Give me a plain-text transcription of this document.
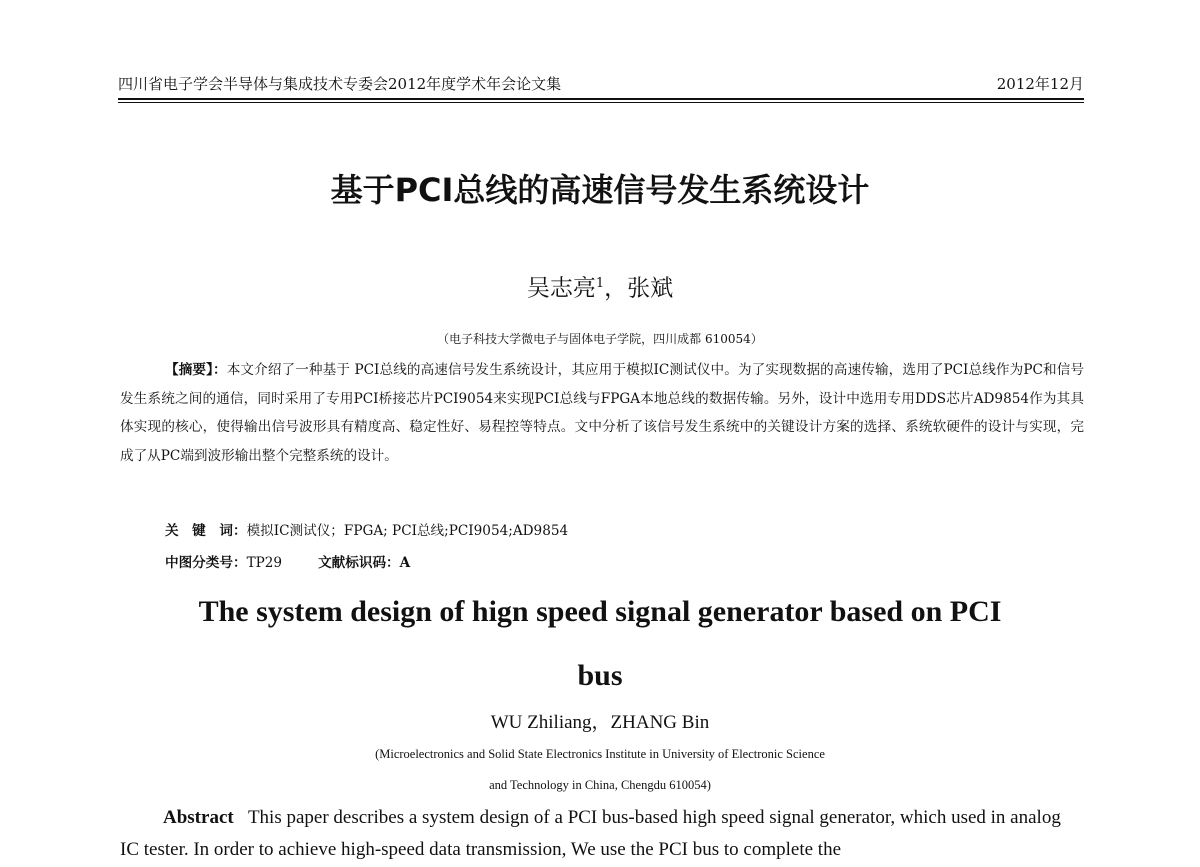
四川省电子学会半导体与集成技术专委会2012年度学术年会论文集	2012年12月
基于PCI总线的高速信号发生系统设计
吴志亮$^1$，张斌
（电子科技大学微电子与固体电子学院，四川成都 610054）
【摘要】：本文介绍了一种基于 PCI总线的高速信号发生系统设计，其应用于模拟IC测试仪中。为了实现数据的高速传输，选用了PCI总线作为PC和信号发生系统之间的通信，同时采用了专用PCI桥接芯片PCI9054来实现PCI总线与FPGA本地总线的数据传输。另外，设计中选用专用DDS芯片AD9854作为其具体实现的核心，使得输出信号波形具有精度高、稳定性好、易程控等特点。文中分析了该信号发生系统中的关键设计方案的选择、系统软硬件的设计与实现，完成了从PC端到波形输出整个完整系统的设计。
关　键　词：模拟IC测试仪；FPGA; PCI总线;PCI9054;AD9854
中图分类号：TP29	文献标识码：A
The system design of hign speed signal generator based on PCI
bus
WU Zhiliang，ZHANG Bin
(Microelectronics and Solid State Electronics Institute in University of Electronic Science
and Technology in China, Chengdu 610054)
Abstract This paper describes a system design of a PCI bus-based high speed signal generator, which used in analog IC tester. In order to achieve high-speed data transmission, We use the PCI bus to complete the
